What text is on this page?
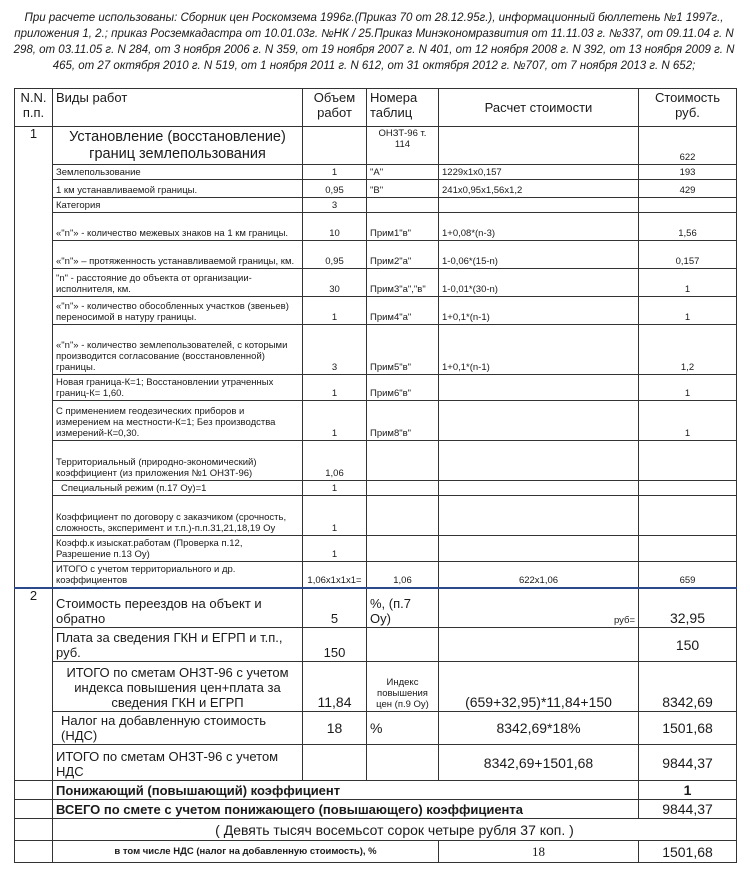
При расчете использованы: Сборник цен Роскомзема 1996г.(Приказ 70 от 28.12.95г.), информационный бюллетень №1 1997г., приложения 1, 2.; приказ Росземкадастра от 10.01.03г. №НК / 25.Приказ Минэкономразвития от 11.11.03 г. №337, от 09.11.04 г. N 298, от 03.11.05 г. N 284, от 3 ноября 2006 г. N 359, от 19 ноября 2007 г. N 401, от 12 ноября 2008 г. N 392, от 13 ноября 2009 г. N 465, от 27 октября 2010 г. N 519, от 1 ноября 2011 г. N 612, от 31 октября 2012 г. №707, от 7 ноября 2013 г. N 652;
N.N. п.п.	Виды работ	Объем работ	Номера таблиц	Расчет стоимости	Стоимость руб.
1	Установление (восстановление) границ землепользования		ОНЗТ-96 т. 114		622
	Землепользование	1	"А"	1229х1х0,157	193
	1 км устанавливаемой границы.	0,95	"В"	241х0,95х1,56х1,2	429
	Категория	3			
	«"n"» - количество межевых знаков на 1 км границы.	10	Прим1"в"	1+0,08*(n-3)	1,56
	«"n"» – протяженность устанавливаемой границы, км.	0,95	Прим2"а"	1-0,06*(15-n)	0,157
	"n" - расстояние до объекта от организации-исполнителя, км.	30	Прим3"а","в"	1-0,01*(30-n)	1
	«"n"» - количество обособленных участков (звеньев) переносимой в натуру границы.	1	Прим4"а"	1+0,1*(n-1)	1
	«"n"» - количество землепользователей, с которыми производится согласование (восстановленной) границы.	3	Прим5"в"	1+0,1*(n-1)	1,2
	Новая граница-К=1; Восстановлении утраченных границ-К= 1,60.	1	Прим6"в"		1
	С применением геодезических приборов и измерением на местности-К=1; Без производства измерений-К=0,30.	1	Прим8"в"		1
	Территориальный (природно-экономический) коэффициент (из приложения №1 ОНЗТ-96)	1,06			
	Специальный режим (п.17 Оу)=1	1			
	Коэффициент по договору с заказчиком (срочность, сложность, эксперимент и т.п.)-п.п.31,21,18,19 Оу	1			
	Коэфф.к изыскат.работам (Проверка п.12, Разрешение п.13 Оу)	1			
	ИТОГО с учетом территориального и др. коэффициентов	1,06х1х1х1=	1,06	622х1,06	659
2	Стоимость переездов на объект и обратно	5	%, (п.7 Оу)	руб=	32,95
	Плата за сведения ГКН и ЕГРП и т.п., руб.	150			150
	ИТОГО по сметам ОНЗТ-96 с учетом индекса повышения цен+плата за сведения ГКН и ЕГРП	11,84	Индекс повышения цен (п.9 Оу)	(659+32,95)*11,84+150	8342,69
	Налог на добавленную стоимость (НДС)	18	%	8342,69*18%	1501,68
	ИТОГО по сметам ОНЗТ-96 с учетом НДС			8342,69+1501,68	9844,37
	Понижающий (повышающий) коэффициент				1
	ВСЕГО по смете с учетом понижающего (повышающего) коэффициента				9844,37
	( Девять тысяч восемьсот сорок четыре рубля 37 коп. )				
	в том числе НДС (налог на добавленную стоимость), %			18	1501,68
